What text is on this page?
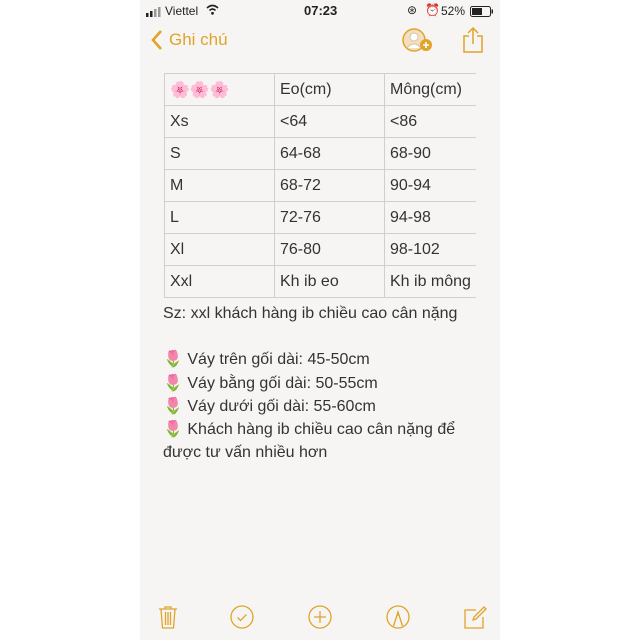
Viettel	07:23	⊛ ⏰ 52%
Ghi chú
🌸🌸🌸	Eo(cm)	Mông(cm)
Xs	<64	<86
S	64-68	68-90
M	68-72	90-94
L	72-76	94-98
Xl	76-80	98-102
Xxl	Kh ib eo	Kh ib mông
Sz: xxl khách hàng ib chiều cao cân nặng
🌷 Váy trên gối dài: 45-50cm
🌷 Váy bằng gối dài: 50-55cm
🌷 Váy dưới gối dài: 55-60cm
🌷 Khách hàng ib chiều cao cân nặng để được tư vấn nhiều hơn
